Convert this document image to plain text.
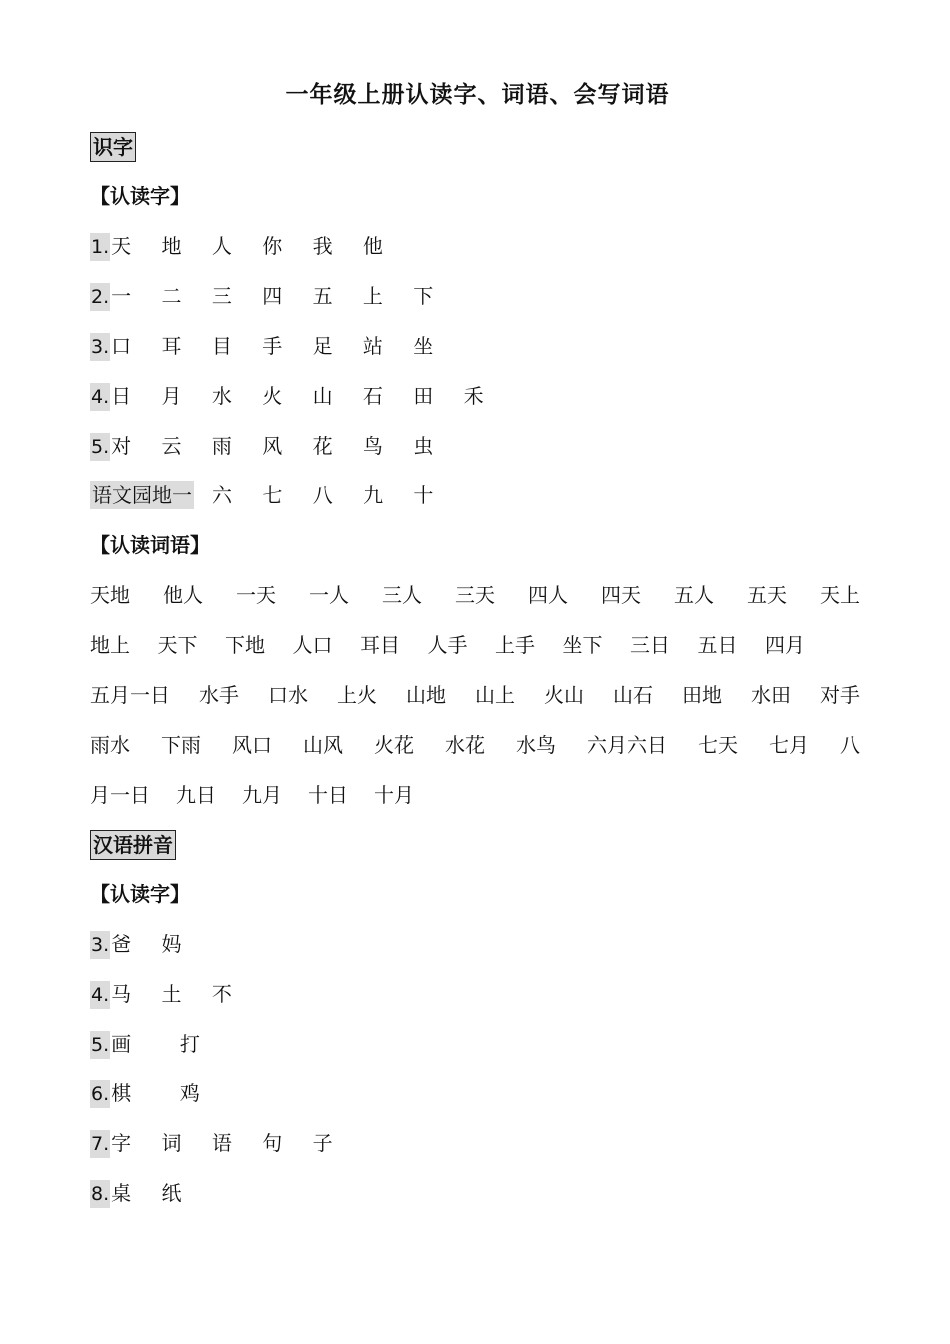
一年级上册认读字、词语、会写词语
识字
【认读字】
1. 天 地 人 你 我 他
2. 一 二 三 四 五 上 下
3. 口 耳 目 手 足 站 坐
4. 日 月 水 火 山 石 田 禾
5. 对 云 雨 风 花 鸟 虫
语文园地一 六 七 八 九 十
【认读词语】
天地 他人 一天 一人 三人 三天 四人 四天 五人 五天 天上
地上 天下 下地 人口 耳目 人手 上手 坐下 三日 五日 四月
五月一日 水手 口水 上火 山地 山上 火山 山石 田地 水田 对手
雨水 下雨 风口 山风 火花 水花 水鸟 六月六日 七天 七月 八
月一日 九日 九月 十日 十月
汉语拼音
【认读字】
3. 爸 妈
4. 马 土 不
5. 画  打
6. 棋  鸡
7. 字 词 语 句 子
8. 桌 纸
